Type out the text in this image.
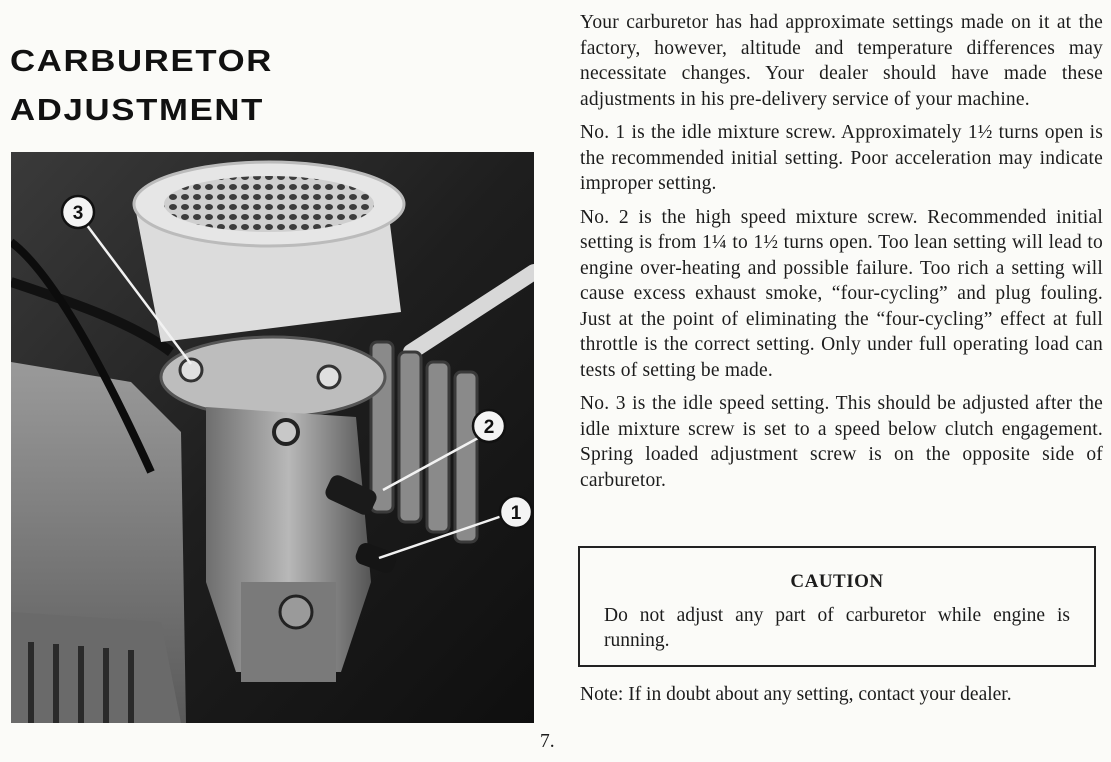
CARBURETOR
ADJUSTMENT
3
2
1

Your carburetor has had approximate settings made on it at the factory, however, altitude and temperature differences may necessitate changes. Your dealer should have made these adjustments in his pre-delivery service of your machine.

No. 1 is the idle mixture screw. Approximately 1½ turns open is the recommended initial setting. Poor acceleration may indicate improper setting.

No. 2 is the high speed mixture screw. Recommended initial setting is from 1¼ to 1½ turns open. Too lean setting will lead to engine over-heating and possible failure. Too rich a setting will cause excess exhaust smoke, “four-cycling” and plug fouling. Just at the point of eliminating the “four-cycling” effect at full throttle is the correct setting. Only under full operating load can tests of setting be made.

No. 3 is the idle speed setting. This should be adjusted after the idle mixture screw is set to a speed below clutch engagement. Spring loaded adjustment screw is on the opposite side of carburetor.

CAUTION

Do not adjust any part of carburetor while engine is running.

Note: If in doubt about any setting, contact your dealer.

7.
